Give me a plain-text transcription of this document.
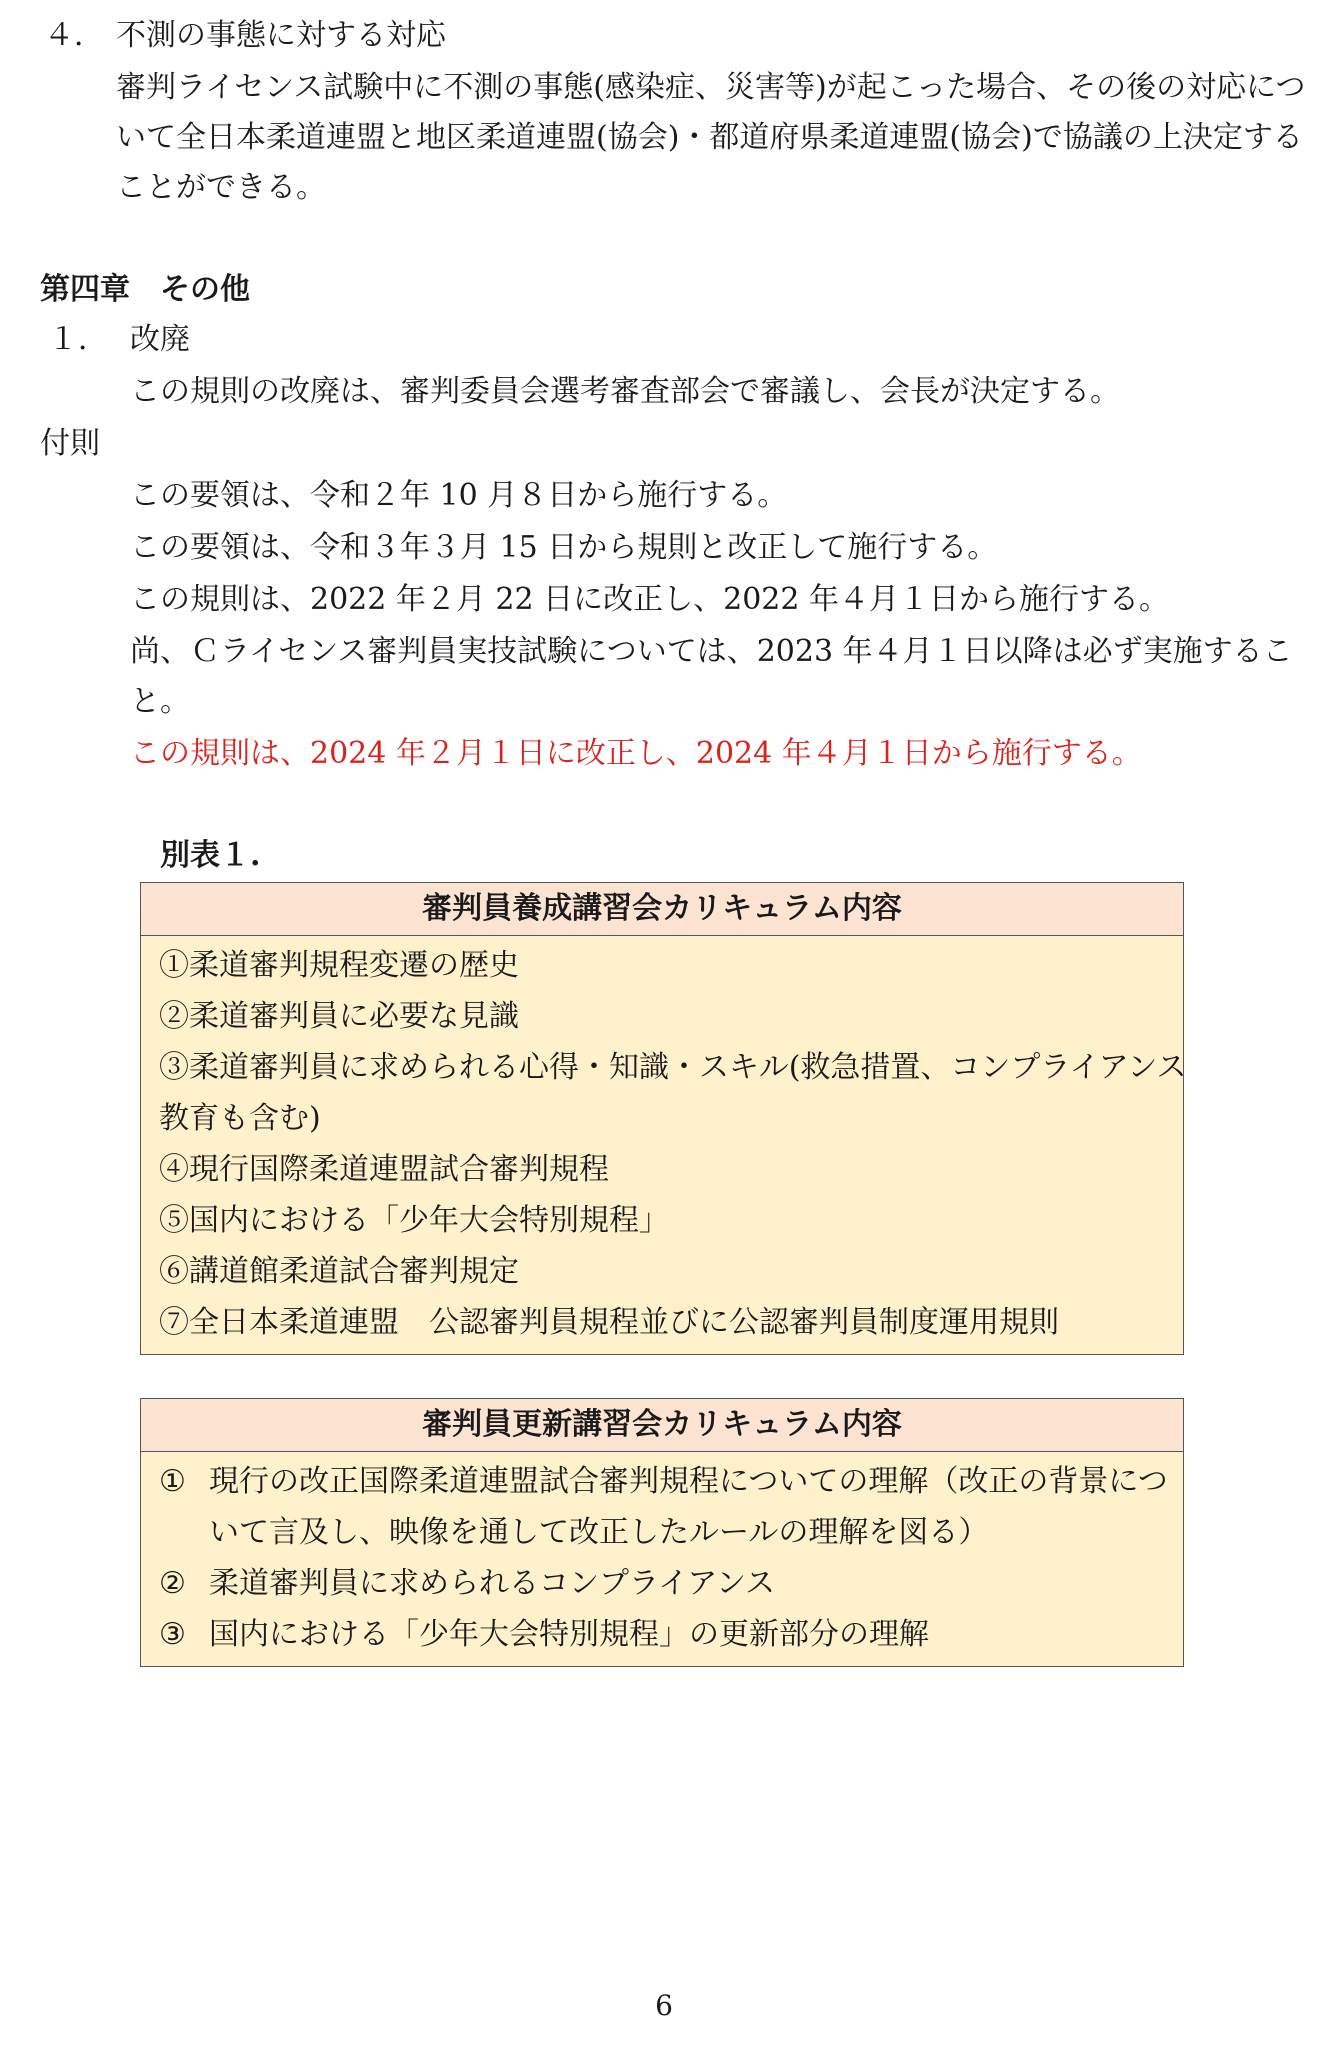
４． 不測の事態に対する対応
審判ライセンス試験中に不測の事態(感染症、災害等)が起こった場合、その後の対応につ
いて全日本柔道連盟と地区柔道連盟(協会)・都道府県柔道連盟(協会)で協議の上決定する
ことができる。
第四章　その他
１． 改廃
この規則の改廃は、審判委員会選考審査部会で審議し、会長が決定する。
付則
この要領は、令和２年 10 月８日から施行する。
この要領は、令和３年３月 15 日から規則と改正して施行する。
この規則は、2022 年２月 22 日に改正し、2022 年４月１日から施行する。
尚、Ｃライセンス審判員実技試験については、2023 年４月１日以降は必ず実施するこ
と。
この規則は、2024 年２月１日に改正し、2024 年４月１日から施行する。
別表１.
審判員養成講習会カリキュラム内容
①柔道審判規程変遷の歴史
②柔道審判員に必要な見識
③柔道審判員に求められる心得・知識・スキル(救急措置、コンプライアンス
教育も含む)
④現行国際柔道連盟試合審判規程
⑤国内における「少年大会特別規程」
⑥講道館柔道試合審判規定
⑦全日本柔道連盟　公認審判員規程並びに公認審判員制度運用規則
審判員更新講習会カリキュラム内容
① 現行の改正国際柔道連盟試合審判規程についての理解（改正の背景につ
いて言及し、映像を通して改正したルールの理解を図る）
② 柔道審判員に求められるコンプライアンス
③ 国内における「少年大会特別規程」の更新部分の理解
6
